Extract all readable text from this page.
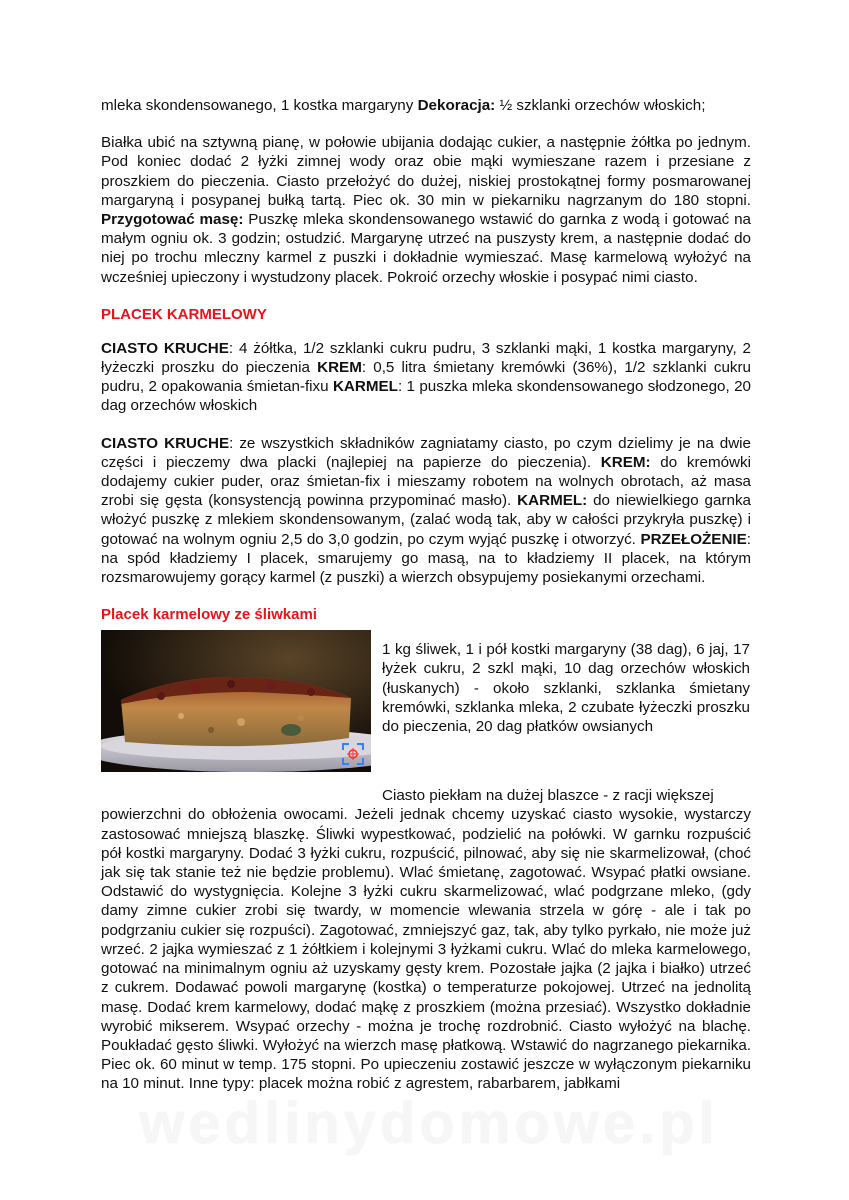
mleka skondensowanego, 1 kostka margaryny Dekoracja: ½ szklanki orzechów włoskich;

Białka ubić na sztywną pianę, w połowie ubijania dodając cukier, a następnie żółtka po jednym. Pod koniec dodać 2 łyżki zimnej wody oraz obie mąki wymieszane razem i przesiane z proszkiem do pieczenia. Ciasto przełożyć do dużej, niskiej prostokątnej formy posmarowanej margaryną i posypanej bułką tartą. Piec ok. 30 min w piekarniku nagrzanym do 180 stopni. Przygotować masę: Puszkę mleka skondensowanego wstawić do garnka z wodą i gotować na małym ogniu ok. 3 godzin; ostudzić. Margarynę utrzeć na puszysty krem, a następnie dodać do niej po trochu mleczny karmel z puszki i dokładnie wymieszać. Masę karmelową wyłożyć na wcześniej upieczony i wystudzony placek. Pokroić orzechy włoskie i posypać nimi ciasto.

PLACEK KARMELOWY

CIASTO KRUCHE: 4 żółtka, 1/2 szklanki cukru pudru, 3 szklanki mąki, 1 kostka margaryny, 2 łyżeczki proszku do pieczenia KREM: 0,5 litra śmietany kremówki (36%), 1/2 szklanki cukru pudru, 2 opakowania śmietan-fixu KARMEL: 1 puszka mleka skondensowanego słodzonego, 20 dag orzechów włoskich

CIASTO KRUCHE: ze wszystkich składników zagniatamy ciasto, po czym dzielimy je na dwie części i pieczemy dwa placki (najlepiej na papierze do pieczenia). KREM: do kremówki dodajemy cukier puder, oraz śmietan-fix i mieszamy robotem na wolnych obrotach, aż masa zrobi się gęsta (konsystencją powinna przypominać masło). KARMEL: do niewielkiego garnka włożyć puszkę z mlekiem skondensowanym, (zalać wodą tak, aby w całości przykryła puszkę) i gotować na wolnym ogniu 2,5 do 3,0 godzin, po czym wyjąć puszkę i otworzyć. PRZEŁOŻENIE: na spód kładziemy I placek, smarujemy go masą, na to kładziemy II placek, na którym rozsmarowujemy gorący karmel (z puszki) a wierzch obsypujemy posiekanymi orzechami.

Placek karmelowy ze śliwkami

1 kg śliwek, 1 i pół kostki margaryny (38 dag), 6 jaj, 17 łyżek cukru, 2 szkl mąki, 10 dag orzechów włoskich (łuskanych) - około szklanki, szklanka śmietany kremówki, szklanka mleka, 2 czubate łyżeczki proszku do pieczenia, 20 dag płatków owsianych

Ciasto piekłam na dużej blaszce - z racji większej

powierzchni do obłożenia owocami. Jeżeli jednak chcemy uzyskać ciasto wysokie, wystarczy zastosować mniejszą blaszkę. Śliwki wypestkować, podzielić na połówki. W garnku rozpuścić pół kostki margaryny. Dodać 3 łyżki cukru, rozpuścić, pilnować, aby się nie skarmelizował, (choć jak się tak stanie też nie będzie problemu). Wlać śmietanę, zagotować. Wsypać płatki owsiane. Odstawić do wystygnięcia. Kolejne 3 łyżki cukru skarmelizować, wlać podgrzane mleko, (gdy damy zimne cukier zrobi się twardy, w momencie wlewania strzela w górę - ale i tak po podgrzaniu cukier się rozpuści). Zagotować, zmniejszyć gaz, tak, aby tylko pyrkało, nie może już wrzeć. 2 jajka wymieszać z 1 żółtkiem i kolejnymi 3 łyżkami cukru. Wlać do mleka karmelowego, gotować na minimalnym ogniu aż uzyskamy gęsty krem. Pozostałe jajka (2 jajka i białko) utrzeć z cukrem. Dodawać powoli margarynę (kostka) o temperaturze pokojowej. Utrzeć na jednolitą masę. Dodać krem karmelowy, dodać mąkę z proszkiem (można przesiać). Wszystko dokładnie wyrobić mikserem. Wsypać orzechy - można je trochę rozdrobnić. Ciasto wyłożyć na blachę. Poukładać gęsto śliwki. Wyłożyć na wierzch masę płatkową. Wstawić do nagrzanego piekarnika. Piec ok. 60 minut w temp. 175 stopni. Po upieczeniu zostawić jeszcze w wyłączonym piekarniku na 10 minut. Inne typy: placek można robić z agrestem, rabarbarem, jabłkami

wedlinydomowe.pl
